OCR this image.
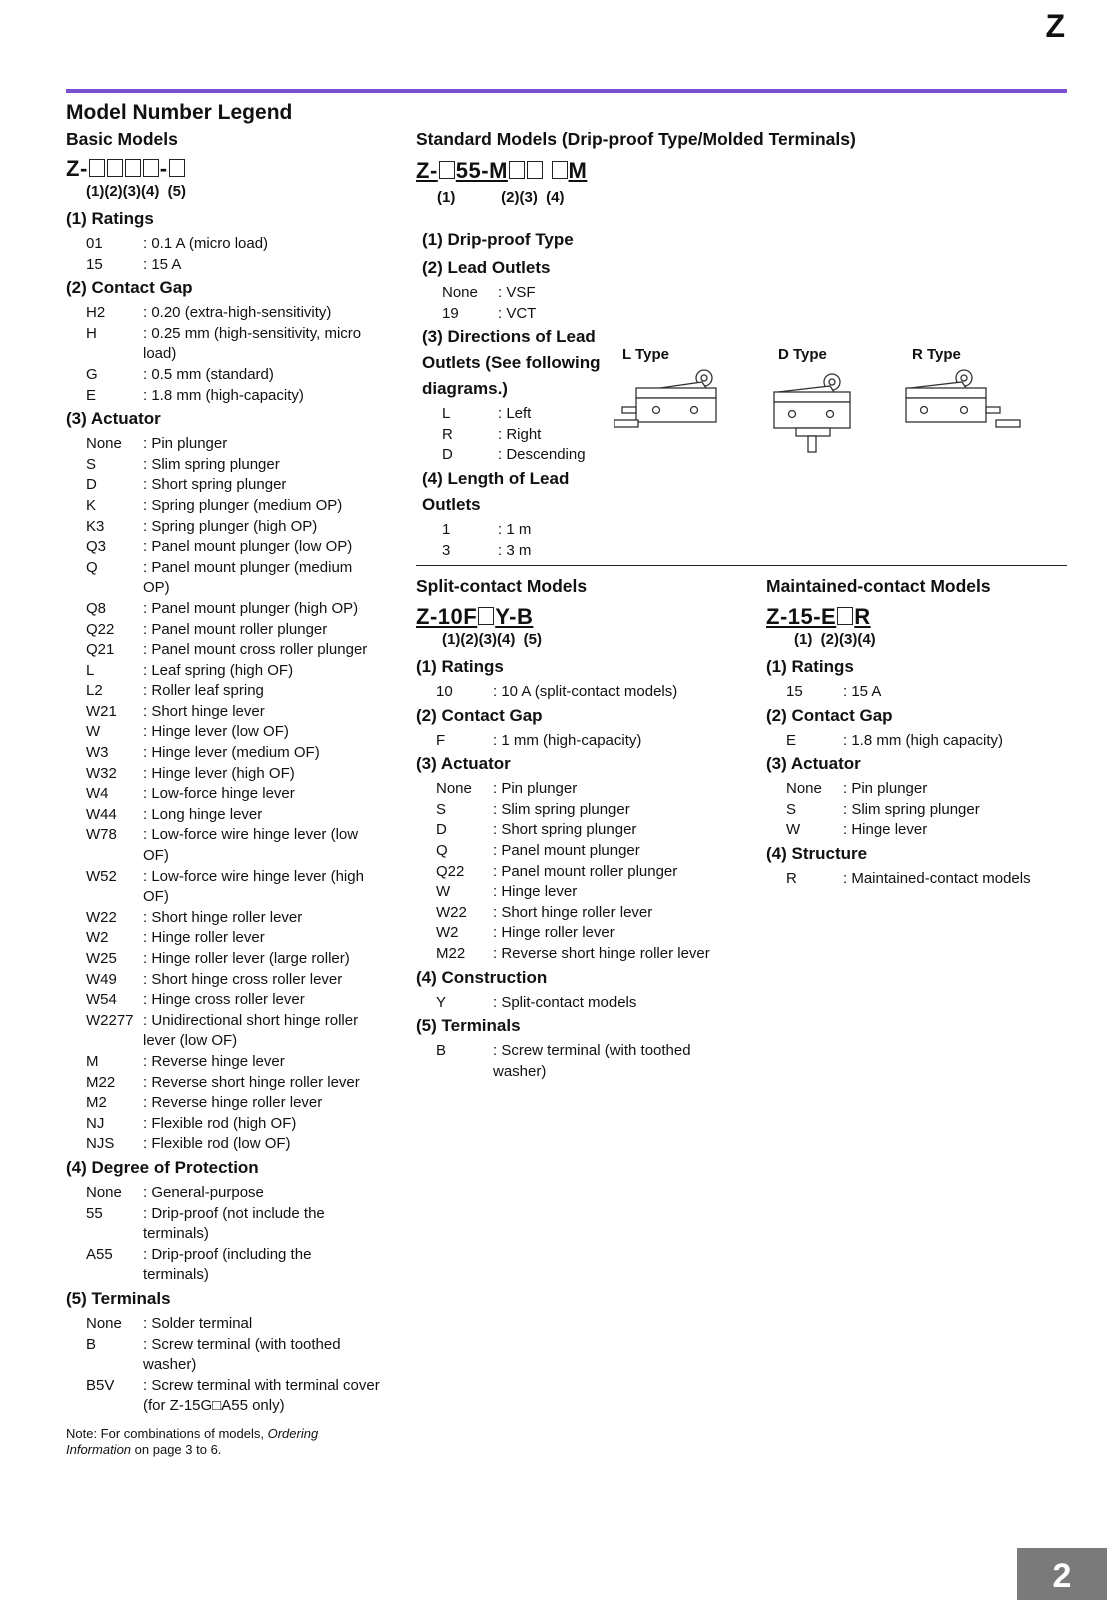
Z
Model Number Legend
Basic Models
Z-	-
(1)(2)(3)(4)  (5)
(1) Ratings
01	: 0.1 A (micro load)
15	: 15 A
(2) Contact Gap
H2	: 0.20 (extra-high-sensitivity)
H	: 0.25 mm (high-sensitivity, micro load)
G	: 0.5 mm (standard)
E	: 1.8 mm (high-capacity)
(3) Actuator
None	: Pin plunger
S	: Slim spring plunger
D	: Short spring plunger
K	: Spring plunger (medium OP)
K3	: Spring plunger (high OP)
Q3	: Panel mount plunger (low OP)
Q	: Panel mount plunger (medium OP)
Q8	: Panel mount plunger (high OP)
Q22	: Panel mount roller plunger
Q21	: Panel mount cross roller plunger
L	: Leaf spring (high OF)
L2	: Roller leaf spring
W21	: Short hinge lever
W	: Hinge lever (low OF)
W3	: Hinge lever (medium OF)
W32	: Hinge lever (high OF)
W4	: Low-force hinge lever
W44	: Long hinge lever
W78	: Low-force wire hinge lever (low OF)
W52	: Low-force wire hinge lever (high OF)
W22	: Short hinge roller lever
W2	: Hinge roller lever
W25	: Hinge roller lever (large roller)
W49	: Short hinge cross roller lever
W54	: Hinge cross roller lever
W2277 : Unidirectional short hinge roller lever (low OF)
M	: Reverse hinge lever
M22	: Reverse short hinge roller lever
M2	: Reverse hinge roller lever
NJ	: Flexible rod (high OF)
NJS	: Flexible rod (low OF)
(4) Degree of Protection
None	: General-purpose
55	: Drip-proof (not include the terminals)
A55	: Drip-proof (including the terminals)
(5) Terminals
None	: Solder terminal
B	: Screw terminal (with toothed washer)
B5V	: Screw terminal with terminal cover (for Z-15G□A55 only)
Note: For combinations of models, Ordering Information on page 3 to 6.
Standard Models (Drip-proof Type/Molded Terminals)
Z- 55-M	M
(1)           (2)(3)  (4)
(1) Drip-proof Type
(2) Lead Outlets
None	: VSF
19	: VCT
(3) Directions of Lead Outlets (See following diagrams.)
L	: Left
R	: Right
D	: Descending
(4) Length of Lead Outlets
1	: 1 m
3	: 3 m
L Type	D Type	R Type
Split-contact Models
Z-10F Y-B
(1)(2)(3)(4)  (5)
(1) Ratings
10	: 10 A (split-contact models)
(2) Contact Gap
F	: 1 mm (high-capacity)
(3) Actuator
None	: Pin plunger
S	: Slim spring plunger
D	: Short spring plunger
Q	: Panel mount plunger
Q22	: Panel mount roller plunger
W	: Hinge lever
W22	: Short hinge roller lever
W2	: Hinge roller lever
M22	: Reverse short hinge roller lever
(4) Construction
Y	: Split-contact models
(5) Terminals
B	: Screw terminal (with toothed washer)
Maintained-contact Models
Z-15-E R
(1)  (2)(3)(4)
(1) Ratings
15	: 15 A
(2) Contact Gap
E	: 1.8 mm (high capacity)
(3) Actuator
None	: Pin plunger
S	: Slim spring plunger
W	: Hinge lever
(4) Structure
R	: Maintained-contact models
2
